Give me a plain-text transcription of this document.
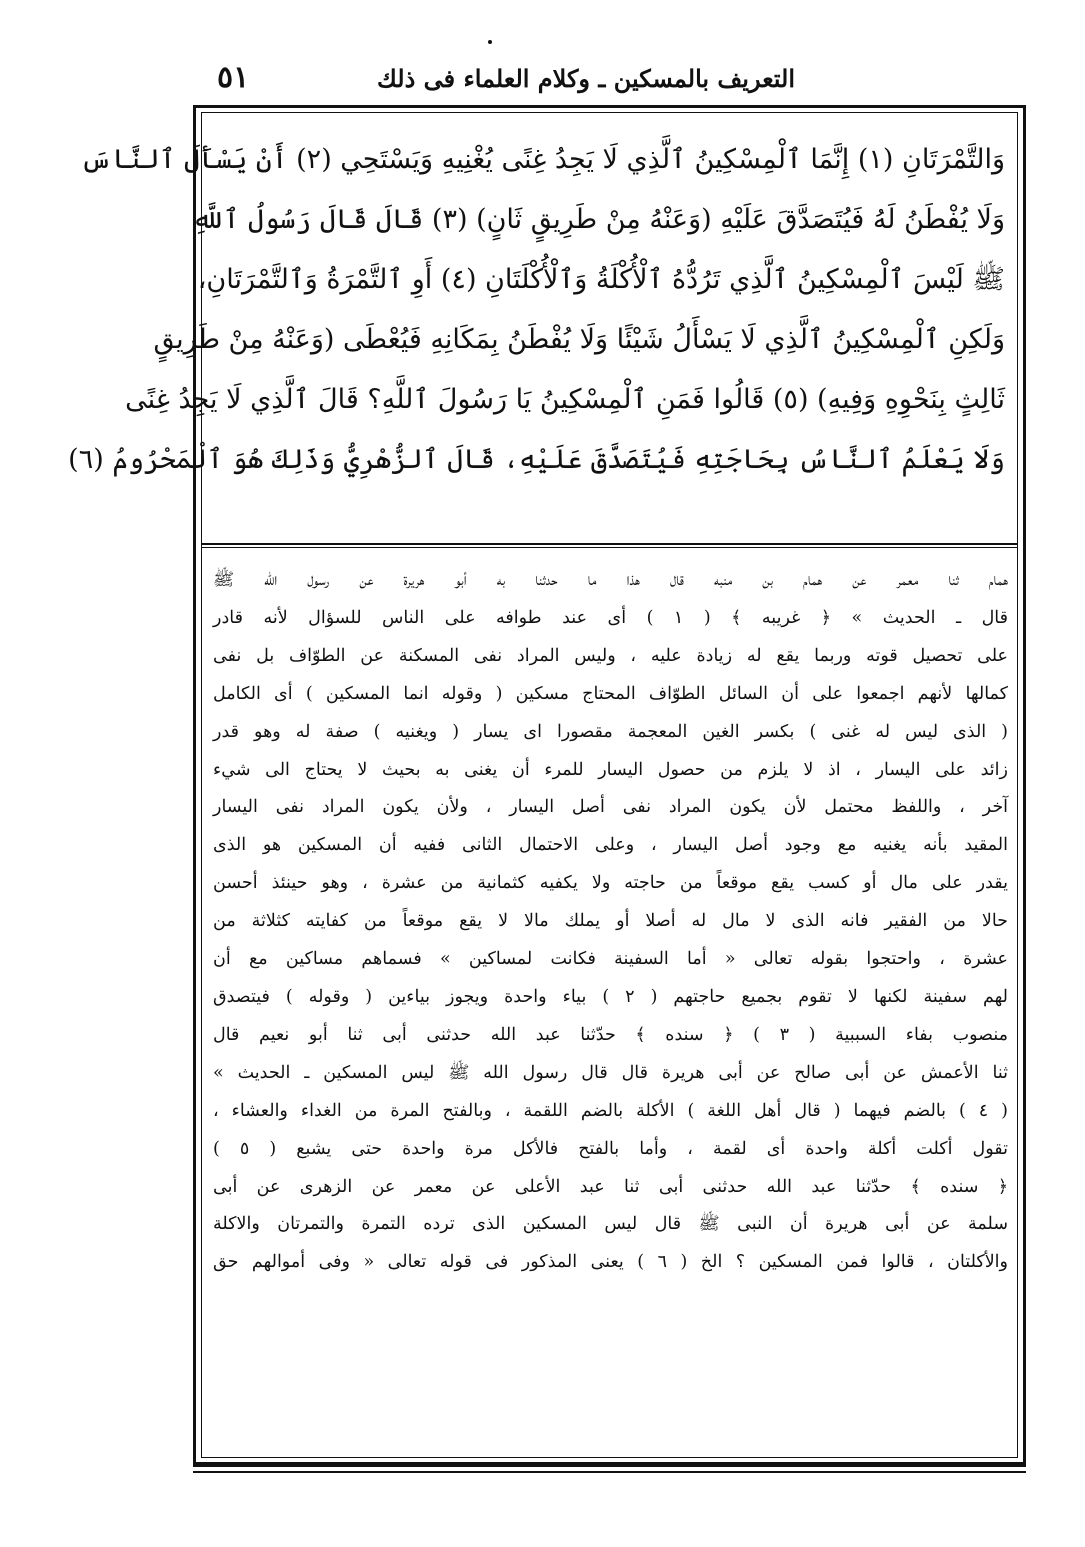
التعريف بالمسكين ـ وكلام العلماء فى ذلك
٥١
وَالتَّمْرَتَانِ (١) إِنَّمَا ٱلْمِسْكِينُ ٱلَّذِي لَا يَجِدُ غِنًى يُغْنِيهِ وَيَسْتَحِي (٢) أَنْ يَسْأَلَ ٱلنَّاسَ
وَلَا يُفْطَنُ لَهُ فَيُتَصَدَّقَ عَلَيْهِ (وَعَنْهُ مِنْ طَرِيقٍ ثَانٍ) (٣) قَالَ قَالَ رَسُولُ ٱللَّهِ
ﷺ لَيْسَ ٱلْمِسْكِينُ ٱلَّذِي تَرُدُّهُ ٱلْأُكْلَةُ وَٱلْأُكْلَتَانِ (٤) أَوِ ٱلتَّمْرَةُ وَٱلتَّمْرَتَانِ،
وَلَكِنِ ٱلْمِسْكِينُ ٱلَّذِي لَا يَسْأَلُ شَيْئًا وَلَا يُفْطَنُ بِمَكَانِهِ فَيُعْطَى (وَعَنْهُ مِنْ طَرِيقٍ
ثَالِثٍ بِنَحْوِهِ وَفِيهِ) (٥) قَالُوا فَمَنِ ٱلْمِسْكِينُ يَا رَسُولَ ٱللَّهِ؟ قَالَ ٱلَّذِي لَا يَجِدُ غِنًى
وَلَا يَعْلَمُ ٱلنَّاسُ بِحَاجَتِهِ فَيُتَصَدَّقَ عَلَيْهِ، قَالَ ٱلزُّهْرِيُّ وَذَلِكَ هُوَ ٱلْمَحْرُومُ (٦)
همام ثنا معمر عن همام بن منبه قال هذا ما حدثنا به أبو هريرة عن رسول الله ﷺ
قال ـ الحديث » ﴿ غريبه ﴾ ( ١ ) أى عند طوافه على الناس للسؤال لأنه قادر
على تحصيل قوته وربما يقع له زيادة عليه ، وليس المراد نفى المسكنة عن الطوّاف بل نفى
كمالها لأنهم اجمعوا على أن السائل الطوّاف المحتاج مسكين ( وقوله انما المسكين ) أى الكامل
( الذى ليس له غنى ) بكسر الغين المعجمة مقصورا اى يسار ( ويغنيه ) صفة له وهو قدر
زائد على اليسار ، اذ لا يلزم من حصول اليسار للمرء أن يغنى به بحيث لا يحتاج الى شيء
آخر ، واللفظ محتمل لأن يكون المراد نفى أصل اليسار ، ولأن يكون المراد نفى اليسار
المقيد بأنه يغنيه مع وجود أصل اليسار ، وعلى الاحتمال الثانى ففيه أن المسكين هو الذى
يقدر على مال أو كسب يقع موقعاً من حاجته ولا يكفيه كثمانية من عشرة ، وهو حينئذ أحسن
حالا من الفقير فانه الذى لا مال له أصلا أو يملك مالا لا يقع موقعاً من كفايته كثلاثة من
عشرة ، واحتجوا بقوله تعالى « أما السفينة فكانت لمساكين » فسماهم مساكين مع أن
لهم سفينة لكنها لا تقوم بجميع حاجتهم ( ٢ ) بياء واحدة ويجوز بياءين ( وقوله ) فيتصدق
منصوب بفاء السببية ( ٣ ) ﴿ سنده ﴾ حدّثنا عبد الله حدثنى أبى ثنا أبو نعيم قال
ثنا الأعمش عن أبى صالح عن أبى هريرة قال قال رسول الله ﷺ ليس المسكين ـ الحديث »
( ٤ ) بالضم فيهما ( قال أهل اللغة ) الأكلة بالضم اللقمة ، وبالفتح المرة من الغداء والعشاء ،
تقول أكلت أكلة واحدة أى لقمة ، وأما بالفتح فالأكل مرة واحدة حتى يشبع ( ٥ )
﴿ سنده ﴾ حدّثنا عبد الله حدثنى أبى ثنا عبد الأعلى عن معمر عن الزهرى عن أبى
سلمة عن أبى هريرة أن النبى ﷺ قال ليس المسكين الذى ترده التمرة والتمرتان والاكلة
والأكلتان ، قالوا فمن المسكين ؟ الخ ( ٦ ) يعنى المذكور فى قوله تعالى « وفى أموالهم حق
